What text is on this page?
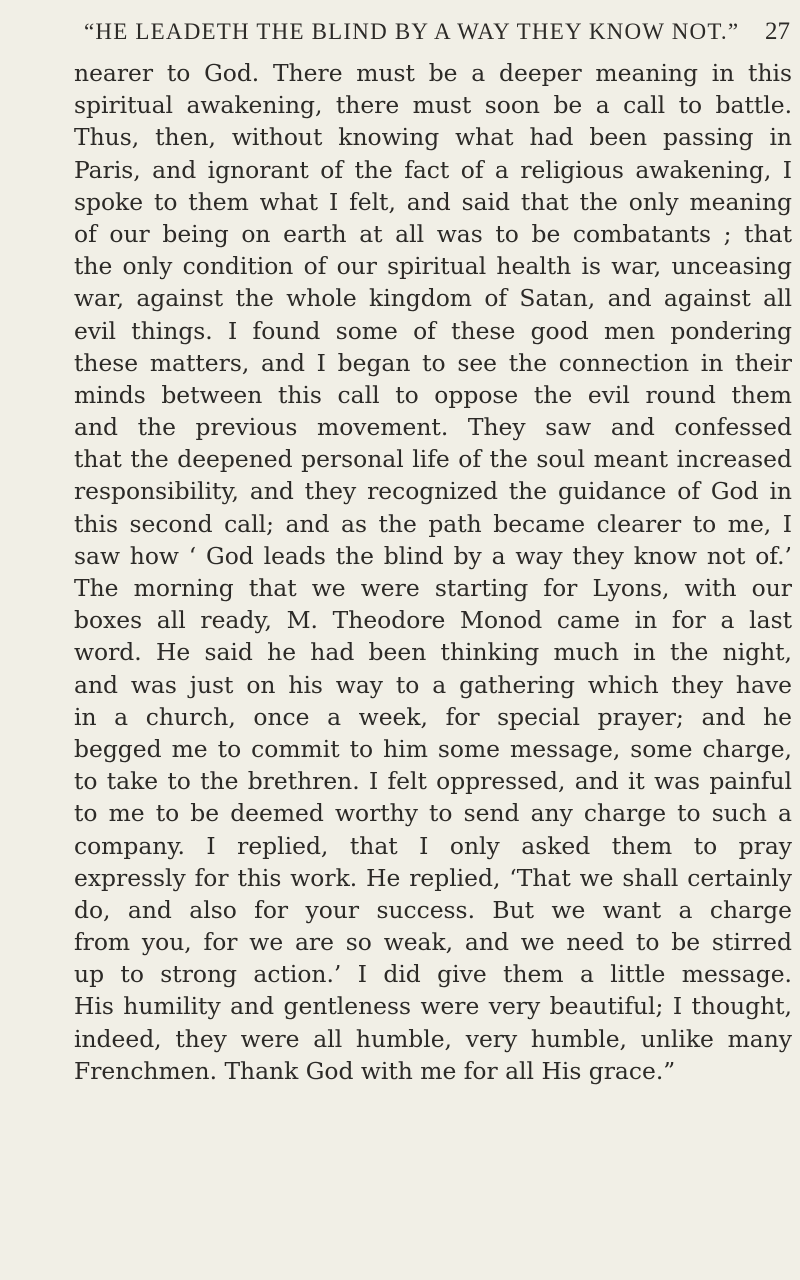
“HE LEADETH THE BLIND BY A WAY THEY KNOW NOT.” 27
nearer to God. There must be a deeper meaning in this
spiritual awakening, there must soon be a call to battle.
Thus, then, without knowing what had been passing in
Paris, and ignorant of the fact of a religious awakening, I
spoke to them what I felt, and said that the only meaning
of our being on earth at all was to be combatants ; that
the only condition of our spiritual health is war, unceasing
war, against the whole kingdom of Satan, and against all
evil things. I found some of these good men pondering
these matters, and I began to see the connection in their
minds between this call to oppose the evil round them
and the previous movement. They saw and confessed
that the deepened personal life of the soul meant increased
responsibility, and they recognized the guidance of God in
this second call; and as the path became clearer to me, I
saw how ‘ God leads the blind by a way they know not of.’
The morning that we were starting for Lyons, with our
boxes all ready, M. Theodore Monod came in for a last
word. He said he had been thinking much in the night,
and was just on his way to a gathering which they have
in a church, once a week, for special prayer; and he
begged me to commit to him some message, some charge,
to take to the brethren. I felt oppressed, and it was painful
to me to be deemed worthy to send any charge to such a
company. I replied, that I only asked them to pray
expressly for this work. He replied, ‘That we shall certainly
do, and also for your success. But we want a charge
from you, for we are so weak, and we need to be stirred
up to strong action.’ I did give them a little message.
His humility and gentleness were very beautiful; I thought,
indeed, they were all humble, very humble, unlike many
Frenchmen. Thank God with me for all His grace.”
